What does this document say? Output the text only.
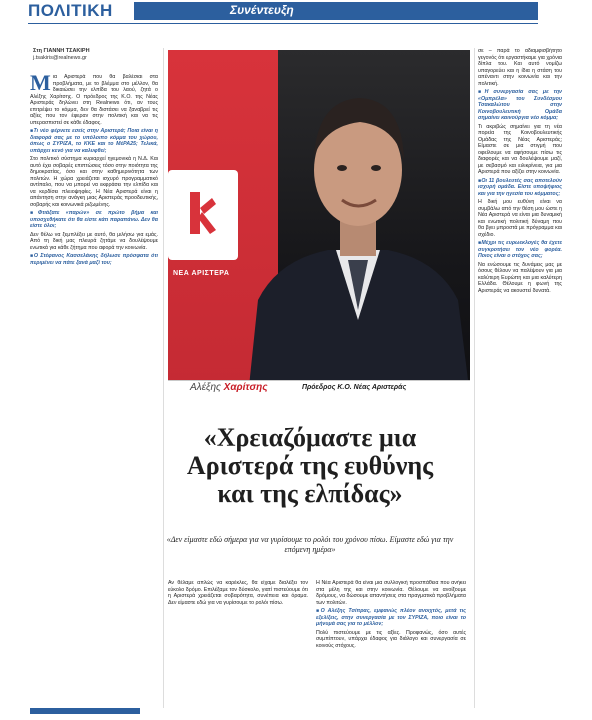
ΠΟΛΙΤΙΚΗ	Συνέντευξη
Στη ΓΙΑΝΝΗ ΤΣΑΚΙΡΗ
j.tsakiris@realnews.gr

Μια Αριστερά που θα βαλέσιαι στα προβλήματα, με το βλέμμα στο μέλλον, θα δικαιώσει την ελπίδα του λαού, ζητά ο Αλέξης Χαρίτσης. Ο πρόεδρος της Κ.Ο. της Νέας Αριστεράς δηλώνει στη Realnews ότι, αν τους επιτρέψει το κόμμα, δεν θα διστάσει να ξαναβρεί τις αξίες που τον έφεραν στην πολιτική και να τις υπερασπιστεί σε κάθε έδαφος.

■ Τι νέο φέρνετε εσείς στην Αριστερά; Ποια είναι η διαφορά σας με το υπόλοιπο κόμμα του χώρου, όπως ο ΣΥΡΙΖΑ, το ΚΚΕ και το ΜέΡΑ25; Τελικά, υπάρχει κενό για να καλυφθεί;

Στο πολιτικό σύστημα κυριαρχεί ηγεμονικά η Ν.Δ. Και αυτό έχει σοβαρές επιπτώσεις τόσο στην ποιότητα της δημοκρατίας, όσο και στην καθημερινότητα των πολιτών. Η χώρα χρειάζεται ισχυρό προγραμματικό αντίπαλο, που να μπορεί να εκφράσει την ελπίδα και να κερδίσει πλειοψηφίες. Η Νέα Αριστερά είναι η απάντηση στην ανάγκη μιας Αριστεράς προοδευτικής, σοβαρής και κοινωνικά ριζωμένης.

■ Φτιάξατε «παρών» σε πρώτο βήμα και υποσχεθήκατε ότι θα είστε κάτι παραπάνω. Δεν θα είστε όλοι;

Δεν θέλω να ξεμπλέξει με αυτό, θα μιλήσω για εμάς. Από τη δική μας πλευρά ζητάμε να δουλέψουμε ενωτικά για κάθε ζήτημα που αφορά την κοινωνία.

■ Ο Στέφανος Κασσελάκης δήλωσε πρόσφατα ότι περιμένει να πάτε ξανά μαζί του;

ΝΕΑ ΑΡΙΣΤΕΡΑ
Αλέξης Χαρίτσης	Πρόεδρος Κ.Ο. Νέας Αριστεράς
«Χρειαζόμαστε μια
Αριστερά της ευθύνης
και της ελπίδας»
«Δεν είμαστε εδώ σήμερα για να γυρίσουμε το ρολόι του χρόνου πίσω. Είμαστε εδώ για την επόμενη ημέρα»

σε – παρά το αδιαμφισβήτητο γεγονός ότι εργαστήκαμε για χρόνια δίπλα του. Και αυτό νομίζω υπαγορεύει και η ίδια η στάση του απέναντι στην κοινωνία και την πολιτική.

■ Η συνεργασία σας με την «Ομπρέλα» του Συνδέσμου Τσακαλώτου στην Κοινοβουλευτική Ομάδα σημαίνει καινούργια νέο κόμμα;

Τι ακριβώς σημαίνει για τη νέα πορεία της Κοινοβουλευτικής Ομάδας της Νέας Αριστεράς; Είμαστε σε μια στιγμή που οφείλουμε να αφήσουμε πίσω τις διαφορές και να δουλέψουμε μαζί, με σεβασμό και ειλικρίνεια, για μια Αριστερά που αξίζει στην κοινωνία.

■ Οι 11 βουλευτές σας αποτελούν ισχυρή ομάδα. Είστε υποψήφιος και για την ηγεσία του κόμματος;

Η δική μου ευθύνη είναι να συμβάλω από την θέση μου ώστε η Νέα Αριστερά να είναι μια δυναμική και ενωτική πολιτική δύναμη που θα βγει μπροστά με πρόγραμμα και σχέδιο.

■ Μέχρι τις ευρωεκλογές θα έχετε συγκροτήσει τον νέο φορέα. Ποιος είναι ο στόχος σας;

Να ενώσουμε τις δυνάμεις μας με όσους θέλουν να παλέψουν για μια καλύτερη Ευρώπη και μια καλύτερη Ελλάδα. Θέλουμε η φωνή της Αριστεράς να ακουστεί δυνατά.

Αν θέλαμε απλώς να καρέκλες, θα είχαμε διαλέξει τον εύκολο δρόμο. Επιλέξαμε τον δύσκολο, γιατί πιστεύουμε ότι η Αριστερά χρειάζεται σοβαρότητα, συνέπεια και όραμα. Δεν είμαστε εδώ για να γυρίσουμε το ρολόι πίσω.

Η Νέα Αριστερά θα είναι μια συλλογική προσπάθεια που ανήκει στα μέλη της και στην κοινωνία. Θέλουμε να ανοίξουμε δρόμους, να δώσουμε απαντήσεις στα πραγματικά προβλήματα των πολιτών.

■ Ο Αλέξης Τσίπρας, εμφανώς πλέον ανοιχτός, μετά τις εξελίξεις, στην συνεργασία με τον ΣΥΡΙΖΑ, ποιο είναι το μήνυμά σας για το μέλλον;

Πολύ πιστεύουμε με τις αξίες. Προφανώς, όσο αυτές συμπίπτουν, υπάρχει έδαφος για διάλογο και συνεργασία σε κοινούς στόχους.
